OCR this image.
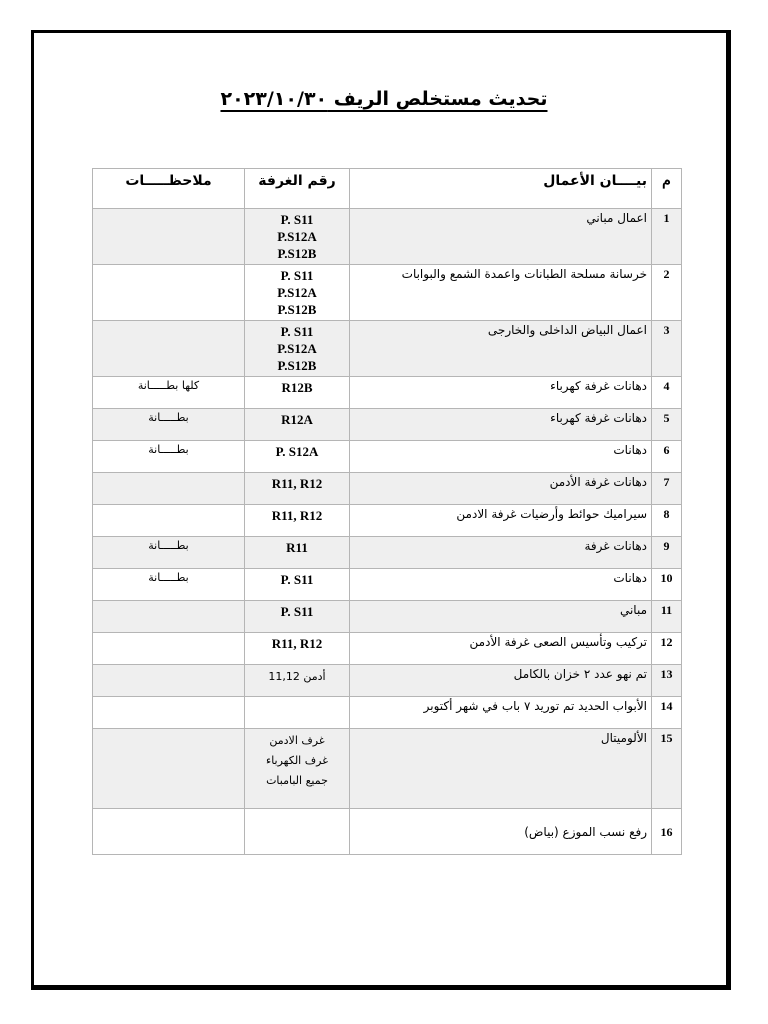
تحديث مستخلص الريف ٢٠٢٣/١٠/٣٠
م	بيــــان الأعمال	رقم الغرفة	ملاحظـــــات
1	اعمال مباني	P. S11
P.S12A
P.S12B	

2	خرسانة مسلحة الطبانات واعمدة الشمع والبوابات	P. S11
P.S12A
P.S12B	

3	اعمال البياض الداخلى والخارجى	P. S11
P.S12A
P.S12B	

4	دهانات غرفة كهرباء	R12B	كلها بطـــــانة
5	دهانات غرفة كهرباء	R12A	بطـــــانة
6	دهانات	P. S12A	بطـــــانة
7	دهانات غرفة الأدمن	R11, R12	

8	سيراميك حوائط وأرضيات غرفة الادمن	R11, R12	

9	دهانات غرفة	R11	بطـــــانة
10	دهانات	P. S11	بطـــــانة
11	مباني	P. S11	

12	تركيب وتأسيس الصعى غرفة الأدمن	R11, R12	

13	تم نهو عدد ٢ خزان بالكامل	أدمن 11,12	

14	الأبواب الحديد تم توريد ٧ باب في شهر أكتوبر	

15	الألوميتال	غرف الادمن
غرف الكهرباء
جميع البامبات	

16	رفع نسب الموزع (بياض)	
